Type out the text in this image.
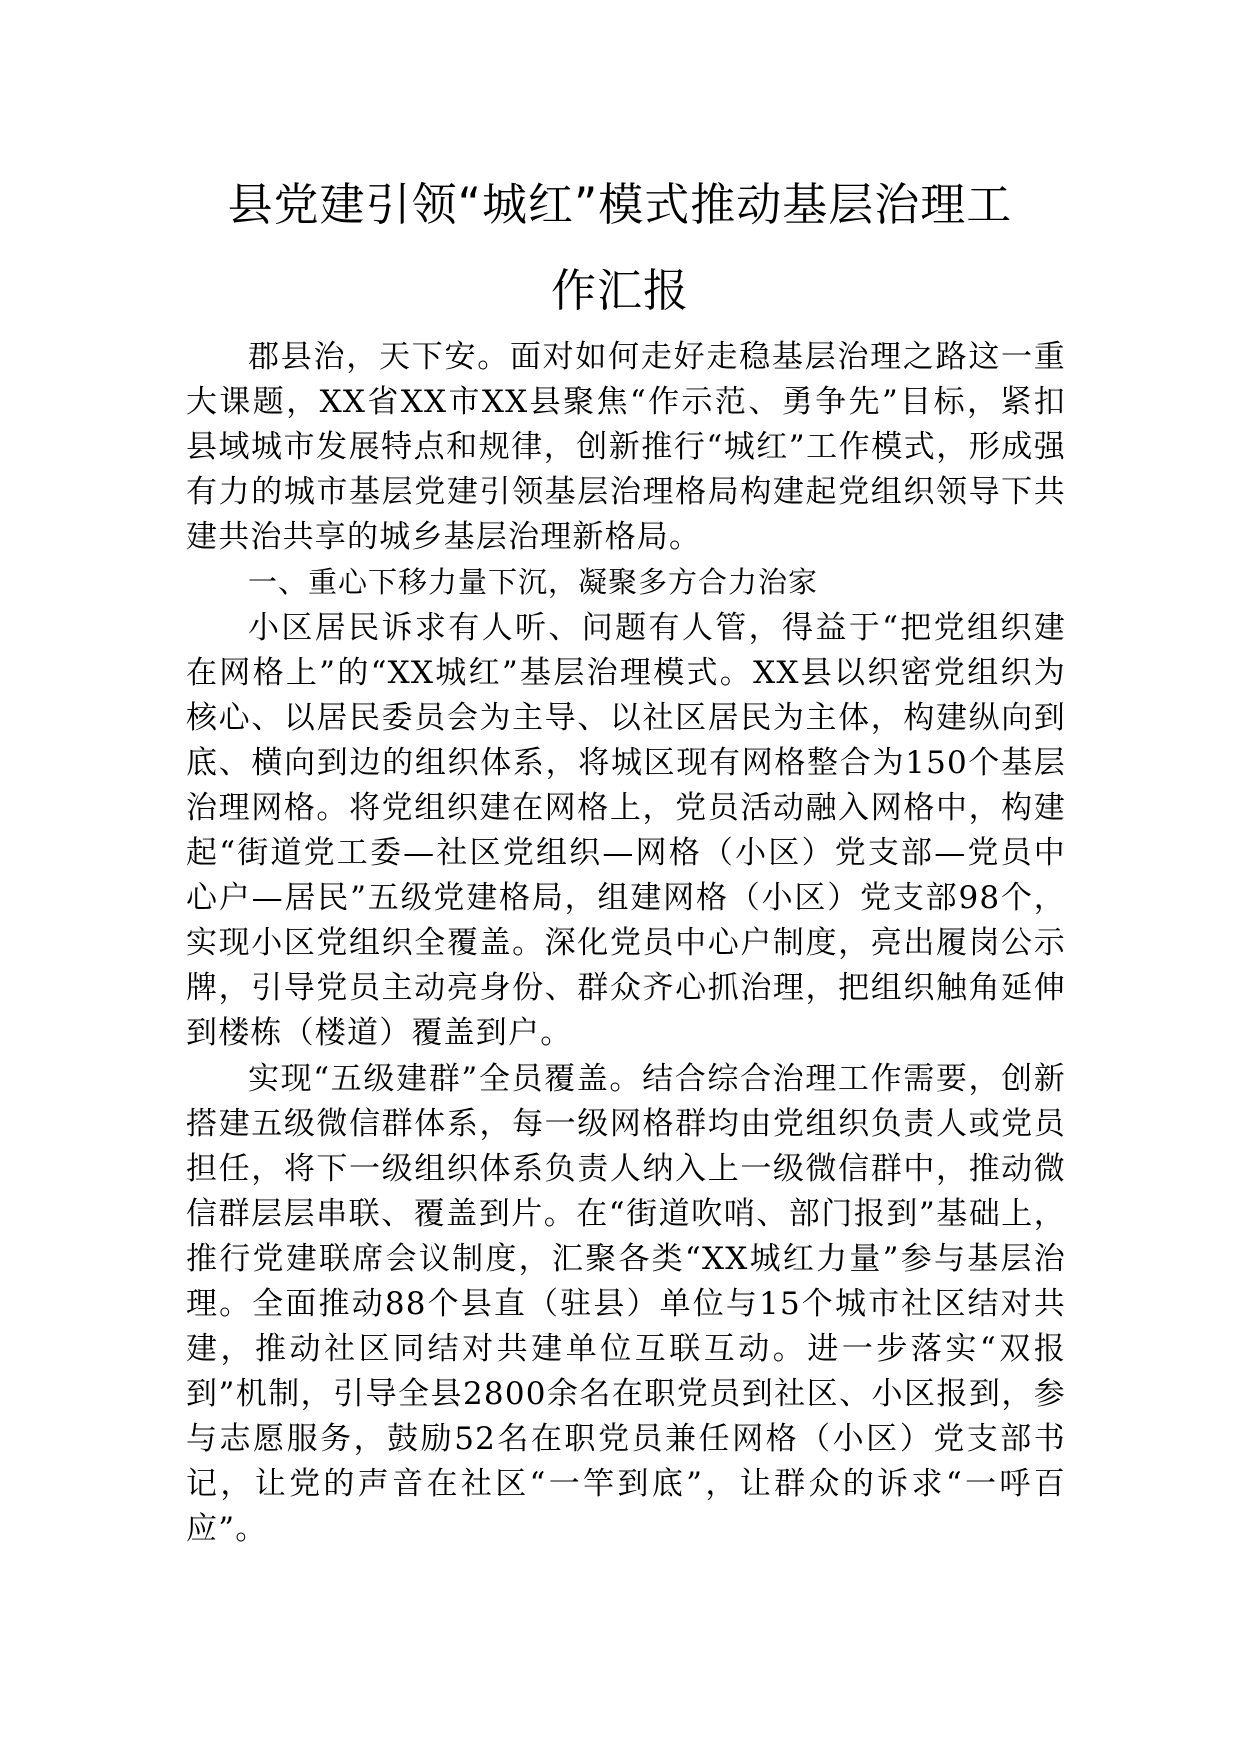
县党建引领“城红”模式推动基层治理工
作汇报

郡县治，天下安。面对如何走好走稳基层治理之路这一重大课题，XX省XX市XX县聚焦“作示范、勇争先”目标，紧扣县域城市发展特点和规律，创新推行“城红”工作模式，形成强有力的城市基层党建引领基层治理格局构建起党组织领导下共建共治共享的城乡基层治理新格局。

一、重心下移力量下沉，凝聚多方合力治家

小区居民诉求有人听、问题有人管，得益于“把党组织建在网格上”的“XX城红”基层治理模式。XX县以织密党组织为核心、以居民委员会为主导、以社区居民为主体，构建纵向到底、横向到边的组织体系，将城区现有网格整合为150个基层治理网格。将党组织建在网格上，党员活动融入网格中，构建起“街道党工委—社区党组织—网格（小区）党支部—党员中心户—居民”五级党建格局，组建网格（小区）党支部98个，实现小区党组织全覆盖。深化党员中心户制度，亮出履岗公示牌，引导党员主动亮身份、群众齐心抓治理，把组织触角延伸到楼栋（楼道）覆盖到户。

实现“五级建群”全员覆盖。结合综合治理工作需要，创新搭建五级微信群体系，每一级网格群均由党组织负责人或党员担任，将下一级组织体系负责人纳入上一级微信群中，推动微信群层层串联、覆盖到片。在“街道吹哨、部门报到”基础上，推行党建联席会议制度，汇聚各类“XX城红力量”参与基层治理。全面推动88个县直（驻县）单位与15个城市社区结对共建，推动社区同结对共建单位互联互动。进一步落实“双报到”机制，引导全县2800余名在职党员到社区、小区报到，参与志愿服务，鼓励52名在职党员兼任网格（小区）党支部书记，让党的声音在社区“一竿到底”，让群众的诉求“一呼百应”。
